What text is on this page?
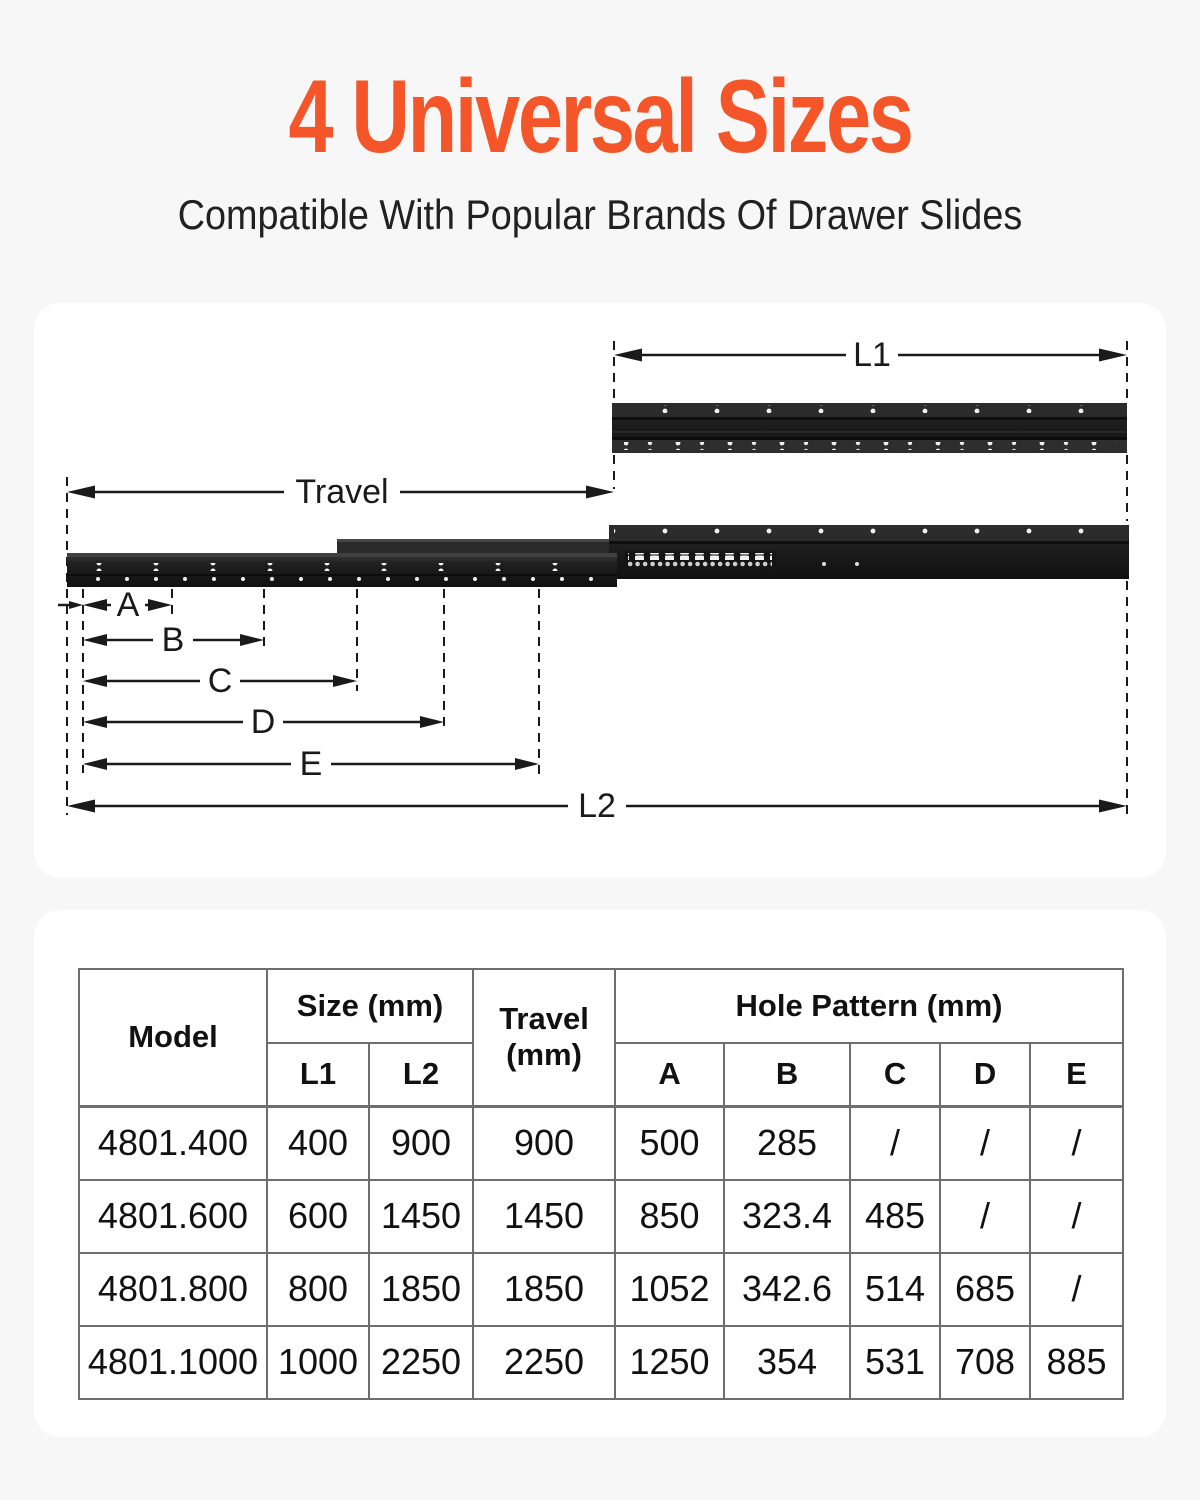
4 Universal Sizes
Compatible With Popular Brands Of Drawer Slides
L1
Travel
A
B
C
D
E
L2
Model	Size (mm)		Travel (mm)	Hole Pattern (mm)				
	L1	L2		A	B	C	D	E
4801.400	400	900	900	500	285	/	/	/
4801.600	600	1450	1450	850	323.4	485	/	/
4801.800	800	1850	1850	1052	342.6	514	685	/
4801.1000	1000	2250	2250	1250	354	531	708	885
